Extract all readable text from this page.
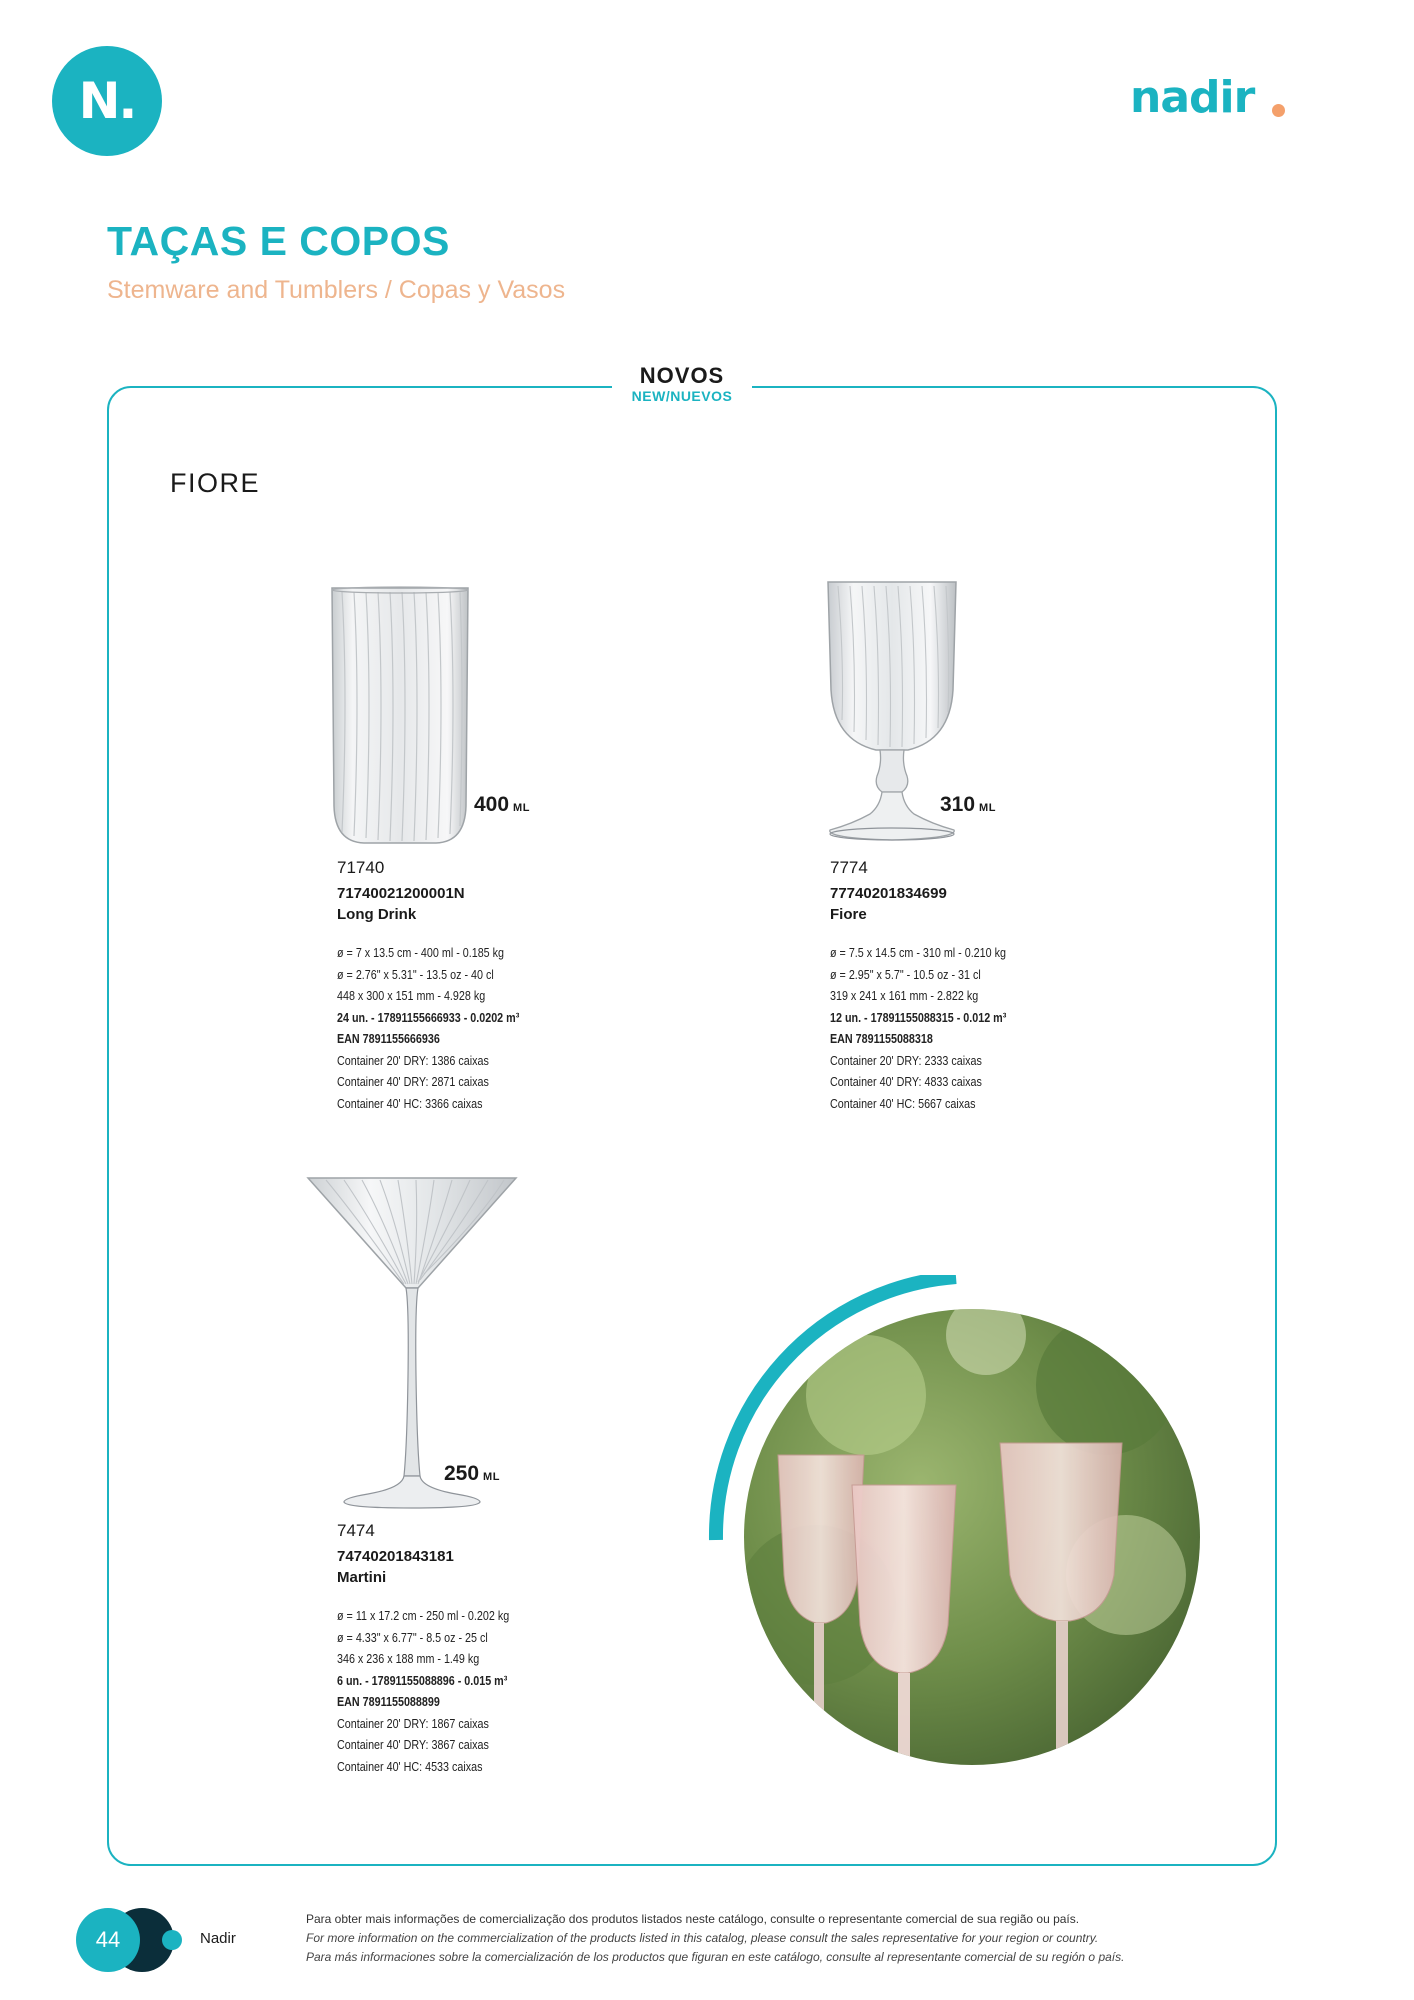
N.	nadir
TAÇAS E COPOS
Stemware and Tumblers / Copas y Vasos
NOVOS
NEW/NUEVOS
FIORE
400 ML
71740
71740021200001N
Long Drink
ø = 7 x 13.5 cm - 400 ml - 0.185 kg
ø = 2.76" x 5.31" - 13.5 oz - 40 cl
448 x 300 x 151 mm - 4.928 kg
24 un. - 17891155666933 - 0.0202 m³
EAN 7891155666936
Container 20' DRY: 1386 caixas
Container 40' DRY: 2871 caixas
Container 40' HC: 3366 caixas
310 ML
7774
77740201834699
Fiore
ø = 7.5 x 14.5 cm - 310 ml - 0.210 kg
ø = 2.95" x 5.7" - 10.5 oz - 31 cl
319 x 241 x 161 mm - 2.822 kg
12 un. - 17891155088315 - 0.012 m³
EAN 7891155088318
Container 20' DRY: 2333 caixas
Container 40' DRY: 4833 caixas
Container 40' HC: 5667 caixas
250 ML
7474
74740201843181
Martini
ø = 11 x 17.2 cm - 250 ml - 0.202 kg
ø = 4.33" x 6.77" - 8.5 oz - 25 cl
346 x 236 x 188 mm - 1.49 kg
6 un. - 17891155088896 - 0.015 m³
EAN 7891155088899
Container 20' DRY: 1867 caixas
Container 40' DRY: 3867 caixas
Container 40' HC: 4533 caixas
44	Nadir
Para obter mais informações de comercialização dos produtos listados neste catálogo, consulte o representante comercial de sua região ou país.
For more information on the commercialization of the products listed in this catalog, please consult the sales representative for your region or country.
Para más informaciones sobre la comercialización de los productos que figuran en este catálogo, consulte al representante comercial de su región o país.
